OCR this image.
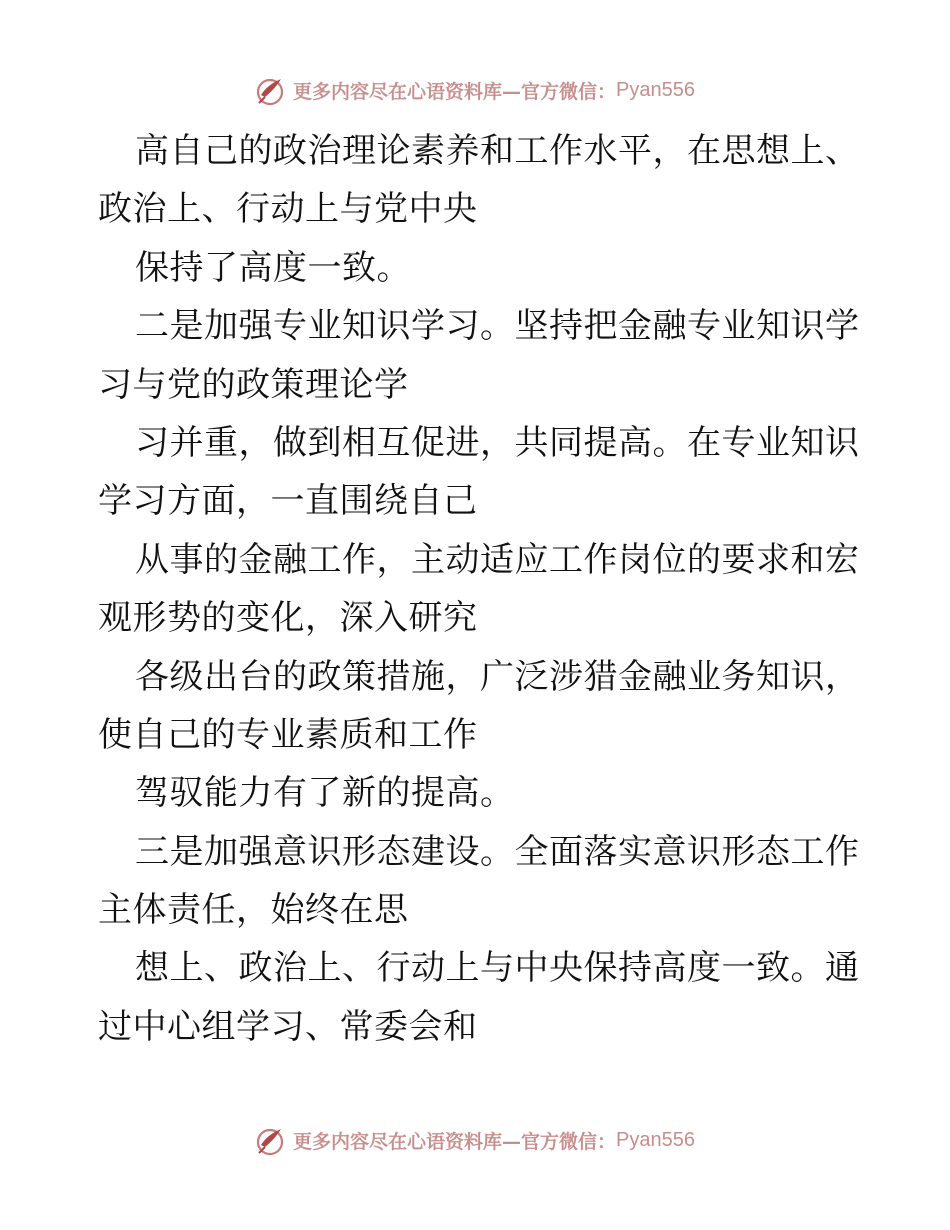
更多内容尽在心语资料库—官方微信： Pyan556
高自己的政治理论素养和工作水平，在思想上、
政治上、行动上与党中央
保持了高度一致。
二是加强专业知识学习。坚持把金融专业知识学
习与党的政策理论学
习并重，做到相互促进，共同提高。在专业知识
学习方面，一直围绕自己
从事的金融工作，主动适应工作岗位的要求和宏
观形势的变化，深入研究
各级出台的政策措施，广泛涉猎金融业务知识，
使自己的专业素质和工作
驾驭能力有了新的提高。
三是加强意识形态建设。全面落实意识形态工作
主体责任，始终在思
想上、政治上、行动上与中央保持高度一致。通
过中心组学习、常委会和
更多内容尽在心语资料库—官方微信： Pyan556
